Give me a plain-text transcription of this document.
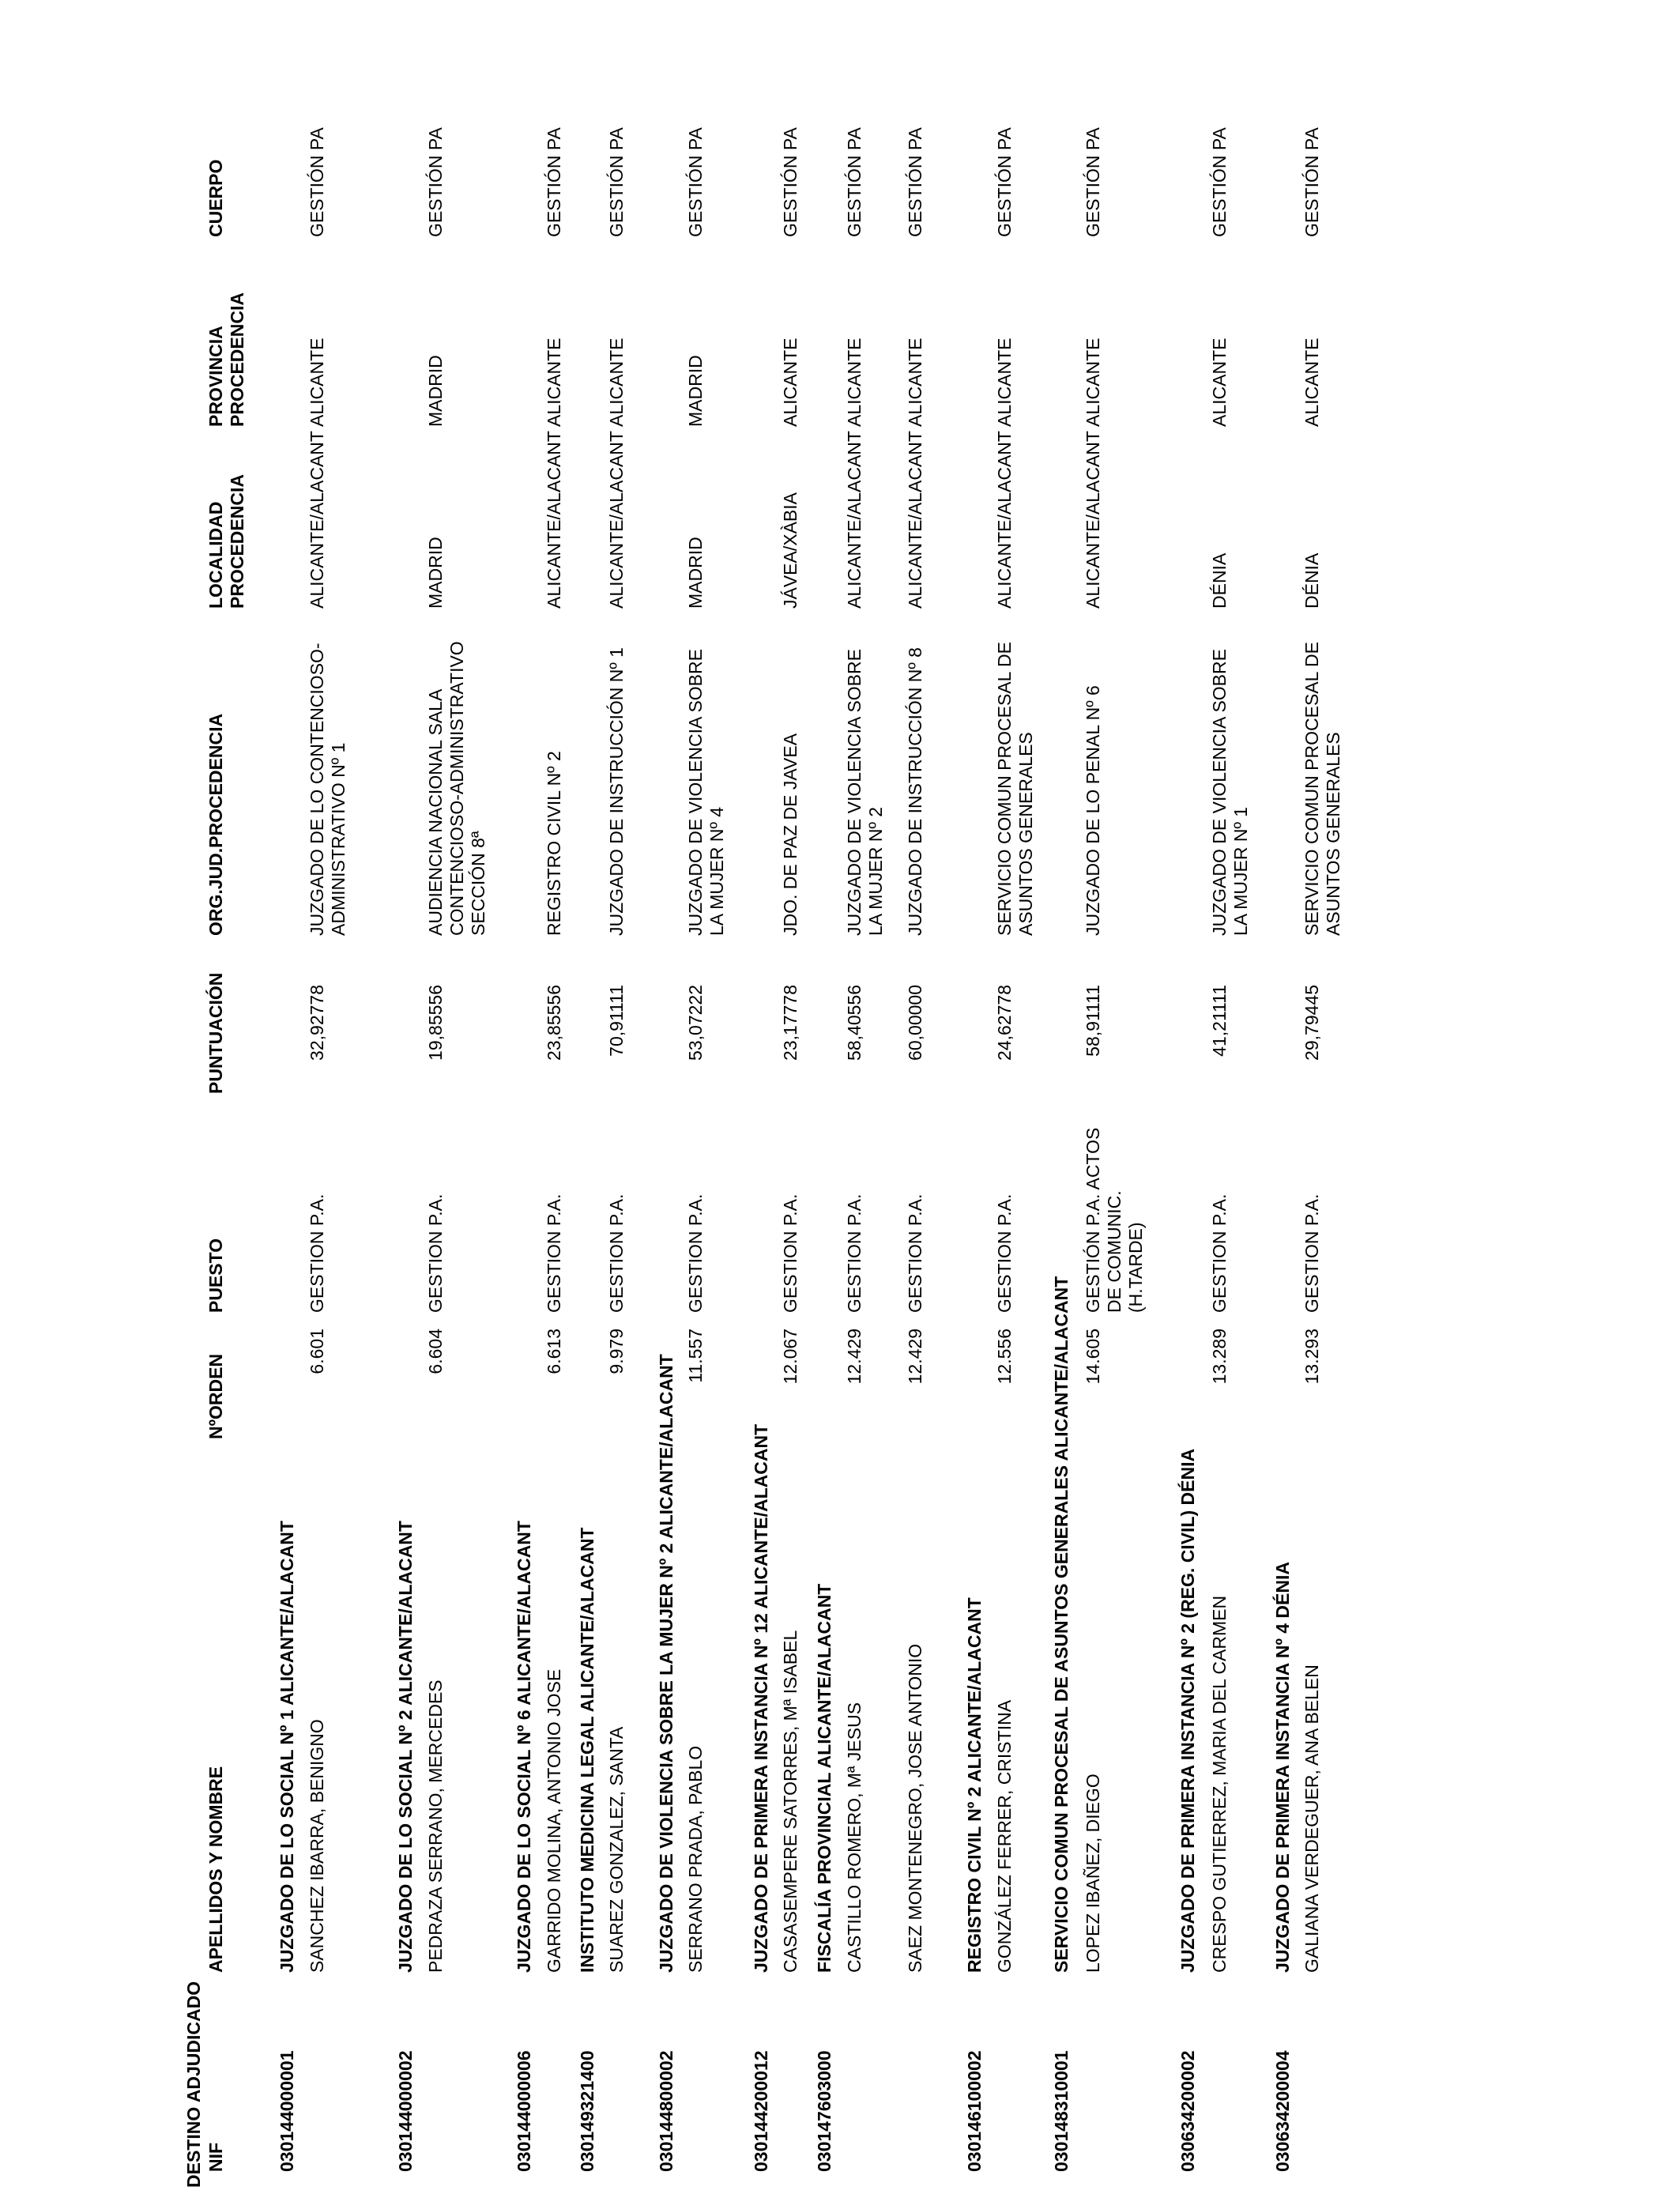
DESTINO ADJUDICADO NIF
APELLIDOS Y NOMBRE
NºORDEN
PUESTO
PUNTUACIÓN
ORG.JUD.PROCEDENCIA
LOCALIDAD PROCEDENCIA
PROVINCIA PROCEDENCIA
CUERPO
030144000001
JUZGADO DE LO SOCIAL Nº 1 ALICANTE/ALACANT SANCHEZ IBARRA, BENIGNO
6.601
GESTION P.A.
32,92778
JUZGADO DE LO CONTENCIOSO-ADMINISTRATIVO Nº 1
ALICANTE/ALACANT
ALICANTE
GESTIÓN PA
030144000002
JUZGADO DE LO SOCIAL Nº 2 ALICANTE/ALACANT PEDRAZA SERRANO, MERCEDES
6.604
GESTION P.A.
19,85556
AUDIENCIA NACIONAL SALA CONTENCIOSO-ADMINISTRATIVO SECCIÓN 8ª
MADRID
MADRID
GESTIÓN PA
030144000006
JUZGADO DE LO SOCIAL Nº 6 ALICANTE/ALACANT GARRIDO MOLINA, ANTONIO JOSE
6.613
GESTION P.A.
23,85556
REGISTRO CIVIL Nº 2
ALICANTE/ALACANT
ALICANTE
GESTIÓN PA
030149321400
INSTITUTO MEDICINA LEGAL ALICANTE/ALACANT SUAREZ GONZALEZ, SANTA
9.979
GESTION P.A.
70,91111
JUZGADO DE INSTRUCCIÓN Nº 1
ALICANTE/ALACANT
ALICANTE
GESTIÓN PA
030144800002
JUZGADO DE VIOLENCIA SOBRE LA MUJER Nº 2 ALICANTE/ALACANT SERRANO PRADA, PABLO
11.557
GESTION P.A.
53,07222
JUZGADO DE VIOLENCIA SOBRE LA MUJER Nº 4
MADRID
MADRID
GESTIÓN PA
030144200012
JUZGADO DE PRIMERA INSTANCIA Nº 12 ALICANTE/ALACANT CASASEMPERE SATORRES, Mª ISABEL
12.067
GESTION P.A.
23,17778
JDO. DE PAZ DE JAVEA
JÁVEA/XÀBIA
ALICANTE
GESTIÓN PA
030147603000
FISCALÍA PROVINCIAL ALICANTE/ALACANT CASTILLO ROMERO, Mª JESUS
12.429
GESTION P.A.
58,40556
JUZGADO DE VIOLENCIA SOBRE LA MUJER Nº 2
ALICANTE/ALACANT
ALICANTE
GESTIÓN PA
SAEZ MONTENEGRO, JOSE ANTONIO
12.429
GESTION P.A.
60,00000
JUZGADO DE INSTRUCCIÓN Nº 8
ALICANTE/ALACANT
ALICANTE
GESTIÓN PA
030146100002
REGISTRO CIVIL Nº 2 ALICANTE/ALACANT GONZÁLEZ FERRER, CRISTINA
12.556
GESTION P.A.
24,62778
SERVICIO COMUN PROCESAL DE ASUNTOS GENERALES
ALICANTE/ALACANT
ALICANTE
GESTIÓN PA
030148310001
SERVICIO COMUN PROCESAL DE ASUNTOS GENERALES ALICANTE/ALACANT LOPEZ IBAÑEZ, DIEGO
14.605
GESTIÓN P.A. ACTOS DE COMUNIC. (H.TARDE)
58,91111
JUZGADO DE LO PENAL Nº 6
ALICANTE/ALACANT
ALICANTE
GESTIÓN PA
030634200002
JUZGADO DE PRIMERA INSTANCIA Nº 2 (REG. CIVIL) DÉNIA CRESPO GUTIERREZ, MARIA DEL CARMEN
13.289
GESTION P.A.
41,21111
JUZGADO DE VIOLENCIA SOBRE LA MUJER Nº 1
DÉNIA
ALICANTE
GESTIÓN PA
030634200004
JUZGADO DE PRIMERA INSTANCIA Nº 4 DÉNIA GALIANA VERDEGUER, ANA BELEN
13.293
GESTION P.A.
29,79445
SERVICIO COMUN PROCESAL DE ASUNTOS GENERALES
DÉNIA
ALICANTE
GESTIÓN PA
